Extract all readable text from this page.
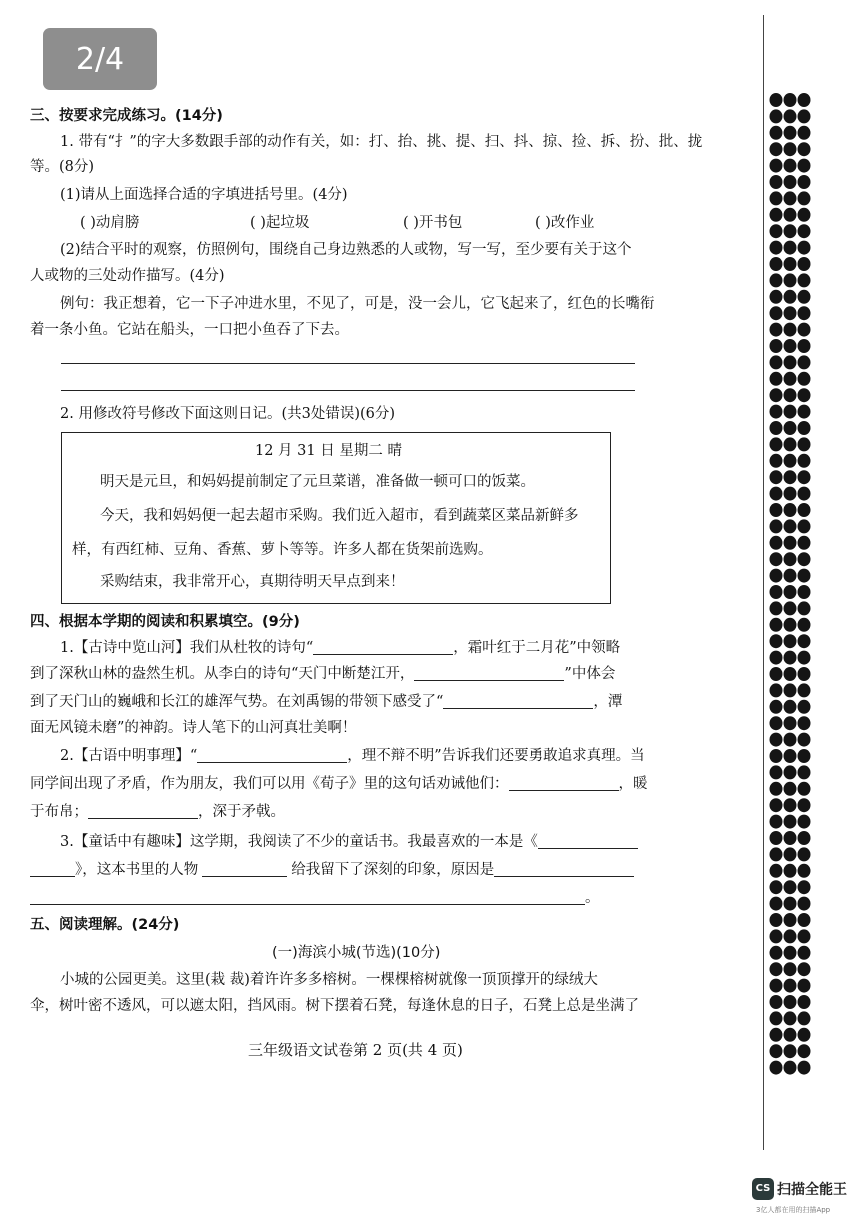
2/4
三、按要求完成练习。(14分)
1. 带有“扌”的字大多数跟手部的动作有关，如：打、抬、挑、提、扫、抖、掠、捡、拆、扮、批、拢
等。(8分)
(1)请从上面选择合适的字填进括号里。(4分)
( )动肩膀	( )起垃圾	( )开书包	( )改作业
(2)结合平时的观察，仿照例句，围绕自己身边熟悉的人或物，写一写，至少要有关于这个
人或物的三处动作描写。(4分)
例句：我正想着，它一下子冲进水里，不见了，可是，没一会儿，它飞起来了，红色的长嘴衔
着一条小鱼。它站在船头，一口把小鱼吞了下去。
2. 用修改符号修改下面这则日记。(共3处错误)(6分)
12 月 31 日 星期二 晴
明天是元旦，和妈妈提前制定了元旦菜谱，准备做一顿可口的饭菜。
今天，我和妈妈便一起去超市采购。我们近入超市，看到蔬菜区菜品新鲜多
样，有西红柿、豆角、香蕉、萝卜等等。许多人都在货架前选购。
采购结束，我非常开心，真期待明天早点到来！
四、根据本学期的阅读和积累填空。(9分)
1.【古诗中览山河】我们从杜牧的诗句“	，霜叶红于二月花”中领略
到了深秋山林的盎然生机。从李白的诗句“天门中断楚江开，	”中体会
到了天门山的巍峨和长江的雄浑气势。在刘禹锡的带领下感受了“	，潭
面无风镜未磨”的神韵。诗人笔下的山河真壮美啊！
2.【古语中明事理】“	，理不辩不明”告诉我们还要勇敢追求真理。当
同学间出现了矛盾，作为朋友，我们可以用《荀子》里的这句话劝诫他们：	，暖
于布帛；	，深于矛戟。
3.【童话中有趣味】这学期，我阅读了不少的童话书。我最喜欢的一本是《
》，这本书里的人物	给我留下了深刻的印象，原因是
。
五、阅读理解。(24分)
(一)海滨小城(节选)(10分)
小城的公园更美。这里(栽 裁)着许许多多榕树。一棵棵榕树就像一顶顶撑开的绿绒大
伞，树叶密不透风，可以遮太阳，挡风雨。树下摆着石凳，每逢休息的日子，石凳上总是坐满了
三年级语文试卷第 2 页(共 4 页)
CS 扫描全能王
3亿人都在用的扫描App
